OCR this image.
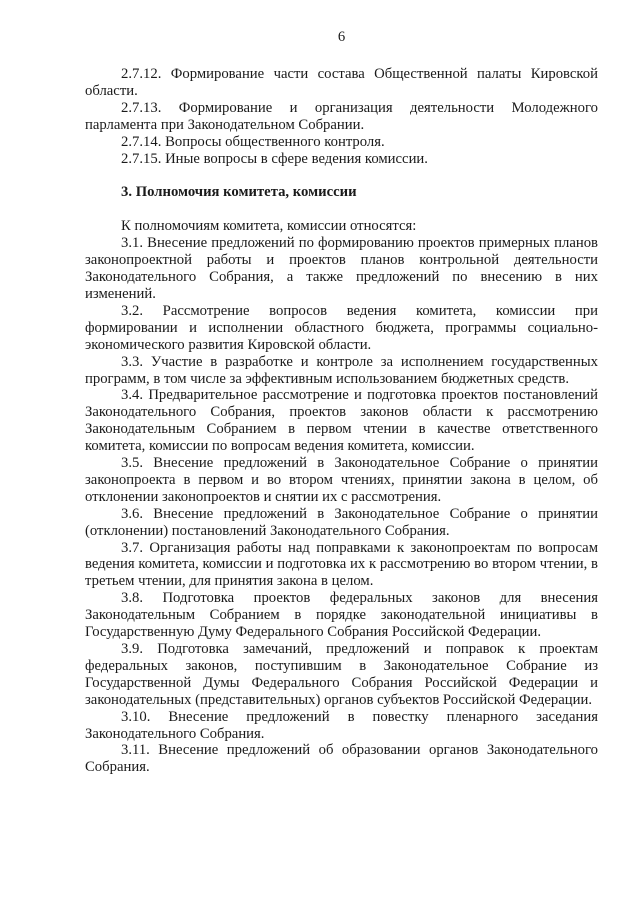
6

2.7.12. Формирование части состава Общественной палаты Кировской области.

2.7.13. Формирование и организация деятельности Молодежного парламента при Законодательном Собрании.

2.7.14. Вопросы общественного контроля.

2.7.15. Иные вопросы в сфере ведения комиссии.

3. Полномочия комитета, комиссии

К полномочиям комитета, комиссии относятся:

3.1. Внесение предложений по формированию проектов примерных планов законопроектной работы и проектов планов контрольной деятельности Законодательного Собрания, а также предложений по внесению в них изменений.

3.2. Рассмотрение вопросов ведения комитета, комиссии при формировании и исполнении областного бюджета, программы социально-экономического развития Кировской области.

3.3. Участие в разработке и контроле за исполнением государственных программ, в том числе за эффективным использованием бюджетных средств.

3.4. Предварительное рассмотрение и подготовка проектов постановлений Законодательного Собрания, проектов законов области к рассмотрению Законодательным Собранием в первом чтении в качестве ответственного комитета, комиссии по вопросам ведения комитета, комиссии.

3.5. Внесение предложений в Законодательное Собрание о принятии законопроекта в первом и во втором чтениях, принятии закона в целом, об отклонении законопроектов и снятии их с рассмотрения.

3.6. Внесение предложений в Законодательное Собрание о принятии (отклонении) постановлений Законодательного Собрания.

3.7. Организация работы над поправками к законопроектам по вопросам ведения комитета, комиссии и подготовка их к рассмотрению во втором чтении, в третьем чтении, для принятия закона в целом.

3.8. Подготовка проектов федеральных законов для внесения Законодательным Собранием в порядке законодательной инициативы в Государственную Думу Федерального Собрания Российской Федерации.

3.9. Подготовка замечаний, предложений и поправок к проектам федеральных законов, поступившим в Законодательное Собрание из Государственной Думы Федерального Собрания Российской Федерации и законодательных (представительных) органов субъектов Российской Федерации.

3.10. Внесение предложений в повестку пленарного заседания Законодательного Собрания.

3.11. Внесение предложений об образовании органов Законодательного Собрания.
